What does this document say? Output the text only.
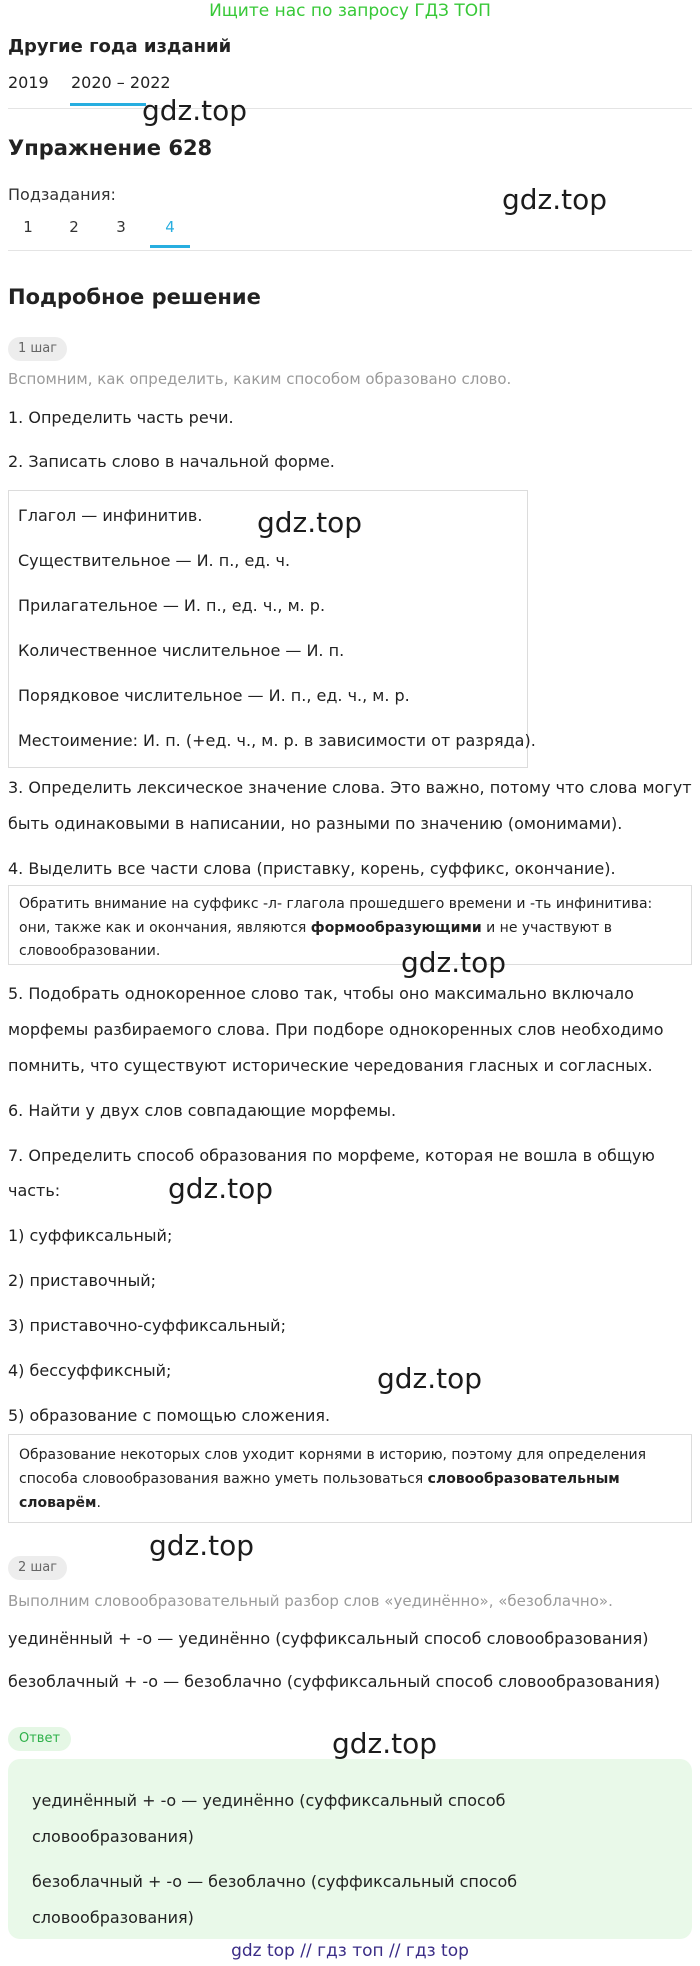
Ищите нас по запросу ГДЗ ТОП
Другие года изданий
2019 2020 – 2022
Упражнение 628
Подзадания:
1	2	3	4
Подробное решение
1 шаг
Вспомним, как определить, каким способом образовано слово.
1. Определить часть речи.
2. Записать слово в начальной форме.
Глагол — инфинитив.
Существительное — И. п., ед. ч.
Прилагательное — И. п., ед. ч., м. р.
Количественное числительное — И. п.
Порядковое числительное — И. п., ед. ч., м. р.
Местоимение: И. п. (+ед. ч., м. р. в зависимости от разряда).
3. Определить лексическое значение слова. Это важно, потому что слова могут
быть одинаковыми в написании, но разными по значению (омонимами).
4. Выделить все части слова (приставку, корень, суффикс, окончание).
Обратить внимание на суффикс -л- глагола прошедшего времени и -ть инфинитива:
они, также как и окончания, являются формообразующими и не участвуют в
словообразовании.
5. Подобрать однокоренное слово так, чтобы оно максимально включало
морфемы разбираемого слова. При подборе однокоренных слов необходимо
помнить, что существуют исторические чередования гласных и согласных.
6. Найти у двух слов совпадающие морфемы.
7. Определить способ образования по морфеме, которая не вошла в общую
часть:
1) суффиксальный;
2) приставочный;
3) приставочно-суффиксальный;
4) бессуффиксный;
5) образование с помощью сложения.
Образование некоторых слов уходит корнями в историю, поэтому для определения
способа словообразования важно уметь пользоваться словообразовательным
словарём.
2 шаг
Выполним словообразовательный разбор слов «уединённо», «безоблачно».
уединённый + -о — уединённо (суффиксальный способ словообразования)
безоблачный + -о — безоблачно (суффиксальный способ словообразования)
Ответ
уединённый + -о — уединённо (суффиксальный способ
словообразования)
безоблачный + -о — безоблачно (суффиксальный способ
словообразования)
gdz top // гдз топ // гдз top
gdz.top
gdz.top
gdz.top
gdz.top
gdz.top
gdz.top
gdz.top
gdz.top
